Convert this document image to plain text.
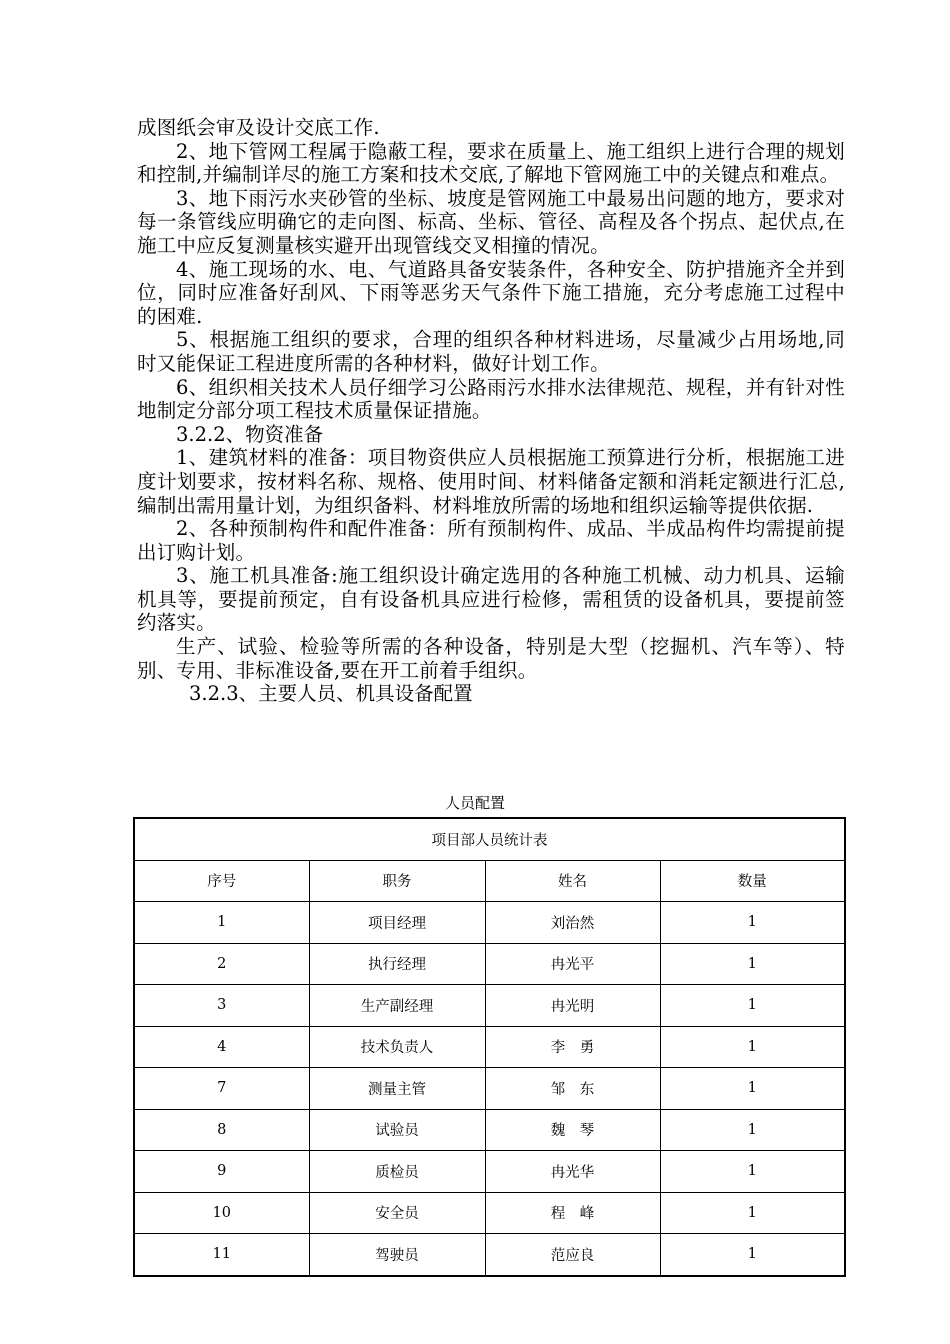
成图纸会审及设计交底工作.

2、地下管网工程属于隐蔽工程，要求在质量上、施工组织上进行合理的规划和控制,并编制详尽的施工方案和技术交底,了解地下管网施工中的关键点和难点。

3、地下雨污水夹砂管的坐标、坡度是管网施工中最易出问题的地方，要求对每一条管线应明确它的走向图、标高、坐标、管径、高程及各个拐点、起伏点,在施工中应反复测量核实避开出现管线交叉相撞的情况。

4、施工现场的水、电、气道路具备安装条件，各种安全、防护措施齐全并到位，同时应准备好刮风、下雨等恶劣天气条件下施工措施，充分考虑施工过程中的困难.

5、根据施工组织的要求，合理的组织各种材料进场，尽量减少占用场地,同时又能保证工程进度所需的各种材料，做好计划工作。

6、组织相关技术人员仔细学习公路雨污水排水法律规范、规程，并有针对性地制定分部分项工程技术质量保证措施。

3.2.2、物资准备

1、建筑材料的准备：项目物资供应人员根据施工预算进行分析，根据施工进度计划要求，按材料名称、规格、使用时间、材料储备定额和消耗定额进行汇总,编制出需用量计划，为组织备料、材料堆放所需的场地和组织运输等提供依据.

2、各种预制构件和配件准备：所有预制构件、成品、半成品构件均需提前提出订购计划。

3、施工机具准备:施工组织设计确定选用的各种施工机械、动力机具、运输机具等，要提前预定，自有设备机具应进行检修，需租赁的设备机具，要提前签约落实。

生产、试验、检验等所需的各种设备，特别是大型（挖掘机、汽车等）、特别、专用、非标准设备,要在开工前着手组织。

3.2.3、主要人员、机具设备配置

人员配置
项目部人员统计表			
序号	职务	姓名	数量
1	项目经理	刘治然	1
2	执行经理	冉光平	1
3	生产副经理	冉光明	1
4	技术负责人	李　勇	1
7	测量主管	邹　东	1
8	试验员	魏　琴	1
9	质检员	冉光华	1
10	安全员	程　峰	1
11	驾驶员	范应良	1
